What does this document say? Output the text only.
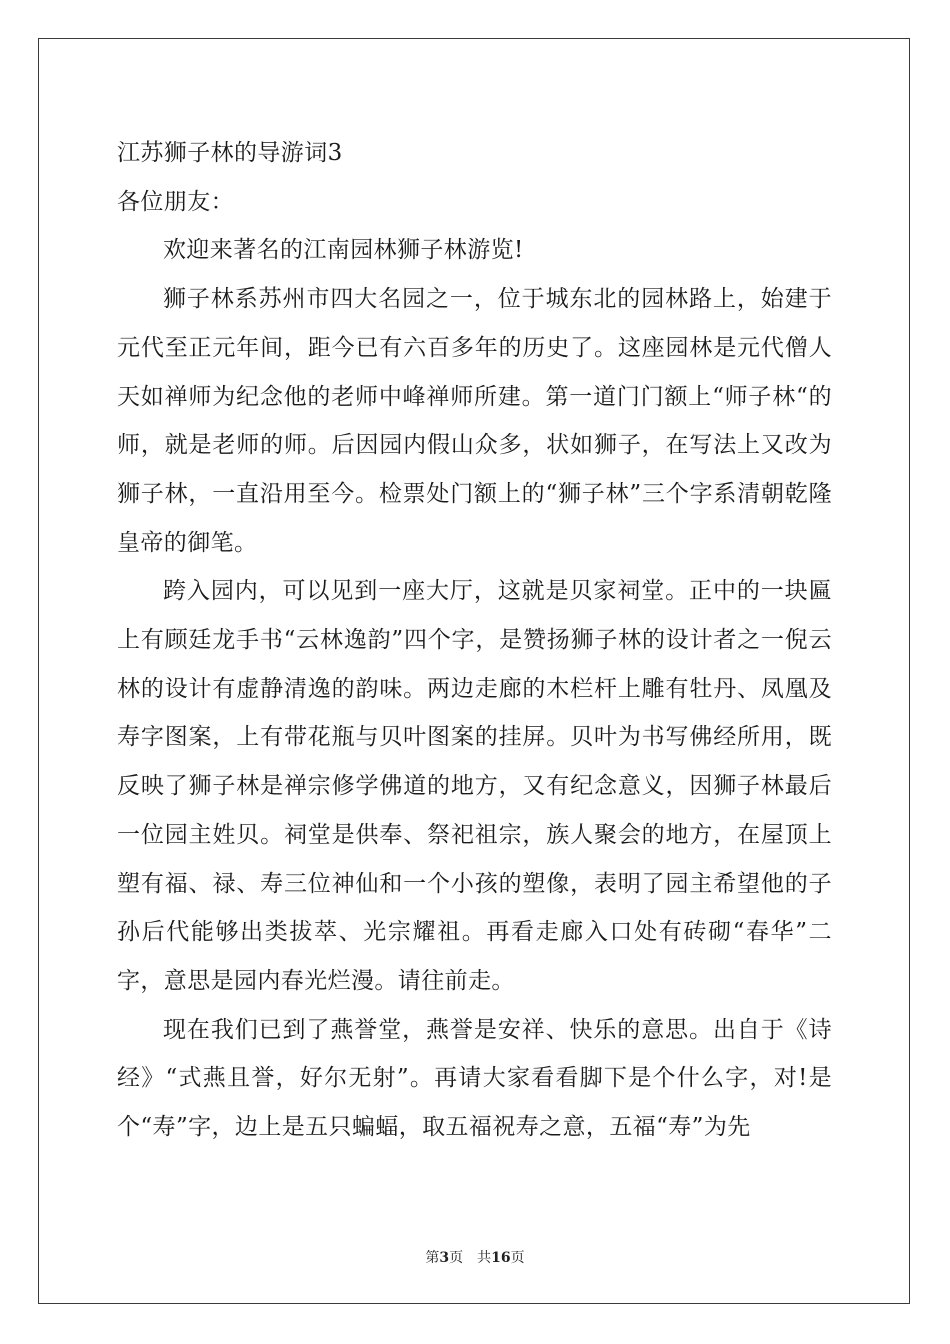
江苏狮子林的导游词3

各位朋友：

欢迎来著名的江南园林狮子林游览!

狮子林系苏州市四大名园之一，位于城东北的园林路上，始建于元代至正元年间，距今已有六百多年的历史了。这座园林是元代僧人天如禅师为纪念他的老师中峰禅师所建。第一道门门额上“师子林“的师，就是老师的师。后因园内假山众多，状如狮子，在写法上又改为狮子林，一直沿用至今。检票处门额上的“狮子林”三个字系清朝乾隆皇帝的御笔。

跨入园内，可以见到一座大厅，这就是贝家祠堂。正中的一块匾上有顾廷龙手书“云林逸韵”四个字，是赞扬狮子林的设计者之一倪云林的设计有虚静清逸的韵味。两边走廊的木栏杆上雕有牡丹、凤凰及寿字图案，上有带花瓶与贝叶图案的挂屏。贝叶为书写佛经所用，既反映了狮子林是禅宗修学佛道的地方，又有纪念意义，因狮子林最后一位园主姓贝。祠堂是供奉、祭祀祖宗，族人聚会的地方，在屋顶上塑有福、禄、寿三位神仙和一个小孩的塑像，表明了园主希望他的子孙后代能够出类拔萃、光宗耀祖。再看走廊入口处有砖砌“春华”二字，意思是园内春光烂漫。请往前走。

现在我们已到了燕誉堂，燕誉是安祥、快乐的意思。出自于《诗经》“式燕且誉，好尔无射”。再请大家看看脚下是个什么字，对!是个“寿”字，边上是五只蝙蝠，取五福祝寿之意，五福“寿”为先

第3页 共16页
